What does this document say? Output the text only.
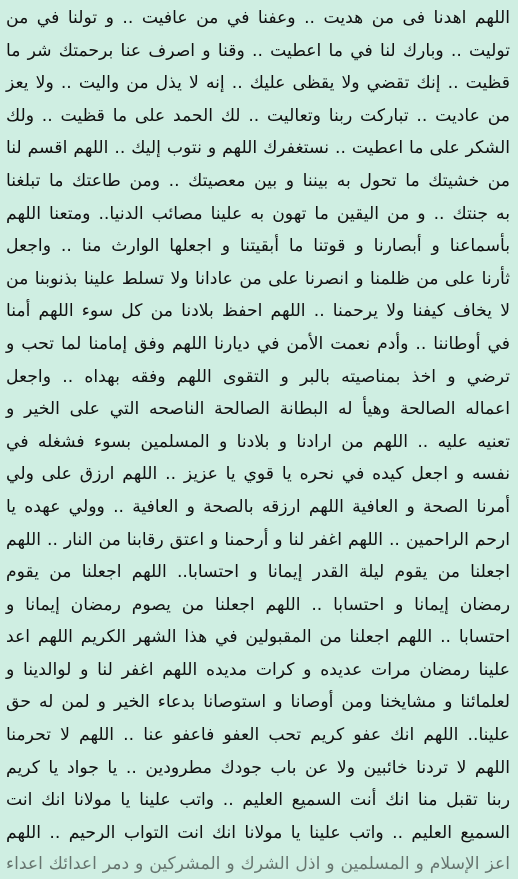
اللهم اهدنا فى من هديت .. وعفنا في من عافيت .. و تولنا في من
توليت .. وبارك لنا في ما اعطيت .. وقنا و اصرف عنا برحمتك شر ما
قظيت .. إنك تقضي ولا يقظى عليك .. إنه لا يذل من واليت .. ولا يعز
من عاديت .. تباركت ربنا وتعاليت .. لك الحمد على ما قظيت .. ولك
الشكر على ما اعطيت .. نستغفرك اللهم و نتوب إليك .. اللهم اقسم لنا
من خشيتك ما تحول به بيننا و بين معصيتك .. ومن طاعتك ما تبلغنا
به جنتك .. و من اليقين ما تهون به علينا مصائب الدنيا.. ومتعنا اللهم
بأسماعنا و أبصارنا و قوتنا ما أبقيتنا و اجعلها الوارث منا .. واجعل
ثأرنا على من ظلمنا و انصرنا على من عادانا ولا تسلط علينا بذنوبنا من
لا يخاف كيفنا ولا يرحمنا .. اللهم احفظ بلادنا من كل سوء اللهم أمنا
في أوطاننا .. وأدم نعمت الأمن في ديارنا اللهم وفق إمامنا لما تحب و
ترضي و اخذ بمناصيته بالبر و التقوى اللهم وفقه بهداه .. واجعل
اعماله الصالحة وهيأ له البطانة الصالحة الناصحه التي على الخير و
تعنيه عليه .. اللهم من ارادنا و بلادنا و المسلمين بسوء فشغله في
نفسه و اجعل كيده في نحره يا قوي يا عزيز .. اللهم ارزق على ولي
أمرنا الصحة و العافية اللهم ارزقه بالصحة و العافية .. وولي عهده يا
ارحم الراحمين .. اللهم اغفر لنا و أرحمنا و اعتق رقابنا من النار .. اللهم
اجعلنا من يقوم ليلة القدر إيمانا و احتسابا.. اللهم اجعلنا من يقوم
رمضان إيمانا و احتسابا .. اللهم اجعلنا من يصوم رمضان إيمانا و
احتسابا .. اللهم اجعلنا من المقبولين في هذا الشهر الكريم اللهم اعد
علينا رمضان مرات عديده و كرات مديده اللهم اغفر لنا و لوالدينا و
لعلمائنا و مشايخنا ومن أوصانا و استوصانا بدعاء الخير و لمن له حق
علينا.. اللهم انك عفو كريم تحب العفو فاعفو عنا .. اللهم لا تحرمنا
اللهم لا تردنا خائبين ولا عن باب جودك مطرودين .. يا جواد يا كريم
ربنا تقبل منا انك أنت السميع العليم .. واتب علينا يا مولانا انك انت
السميع العليم .. واتب علينا يا مولانا انك انت التواب الرحيم .. اللهم
اعز الإسلام و المسلمين و اذل الشرك و المشركين و دمر اعدائك اعداء
